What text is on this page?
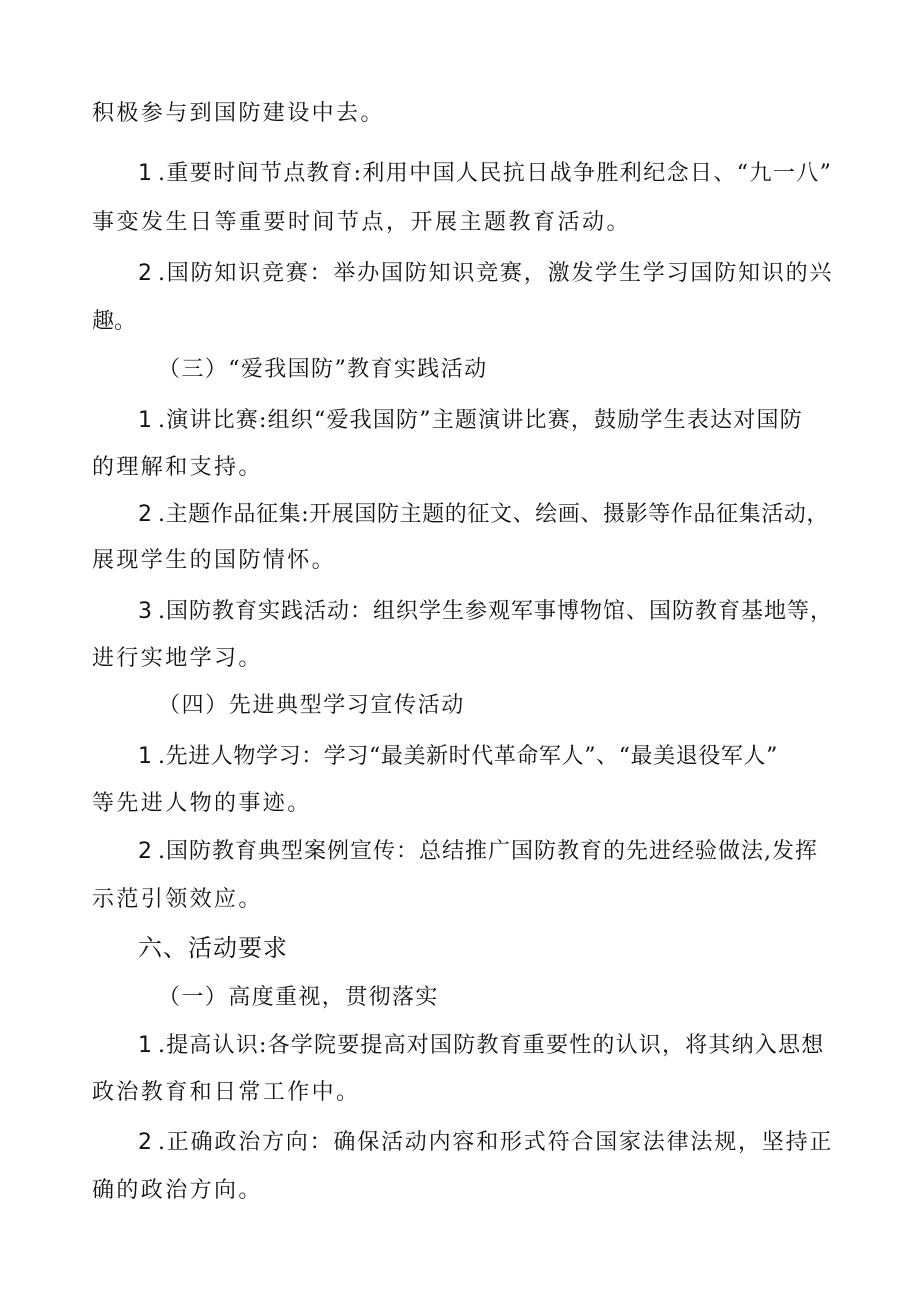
积极参与到国防建设中去。
1 .重要时间节点教育:利用中国人民抗日战争胜利纪念日、“九一八”
事变发生日等重要时间节点，开展主题教育活动。
2 .国防知识竞赛：举办国防知识竞赛，激发学生学习国防知识的兴
趣。
（三）“爱我国防”教育实践活动
1 .演讲比赛:组织“爱我国防”主题演讲比赛，鼓励学生表达对国防
的理解和支持。
2 .主题作品征集:开展国防主题的征文、绘画、摄影等作品征集活动，
展现学生的国防情怀。
3 .国防教育实践活动：组织学生参观军事博物馆、国防教育基地等，
进行实地学习。
（四）先进典型学习宣传活动
1 .先进人物学习：学习“最美新时代革命军人”、“最美退役军人”
等先进人物的事迹。
2 .国防教育典型案例宣传：总结推广国防教育的先进经验做法,发挥
示范引领效应。
六、活动要求
（一）高度重视，贯彻落实
1 .提高认识:各学院要提高对国防教育重要性的认识，将其纳入思想
政治教育和日常工作中。
2 .正确政治方向：确保活动内容和形式符合国家法律法规，坚持正
确的政治方向。
